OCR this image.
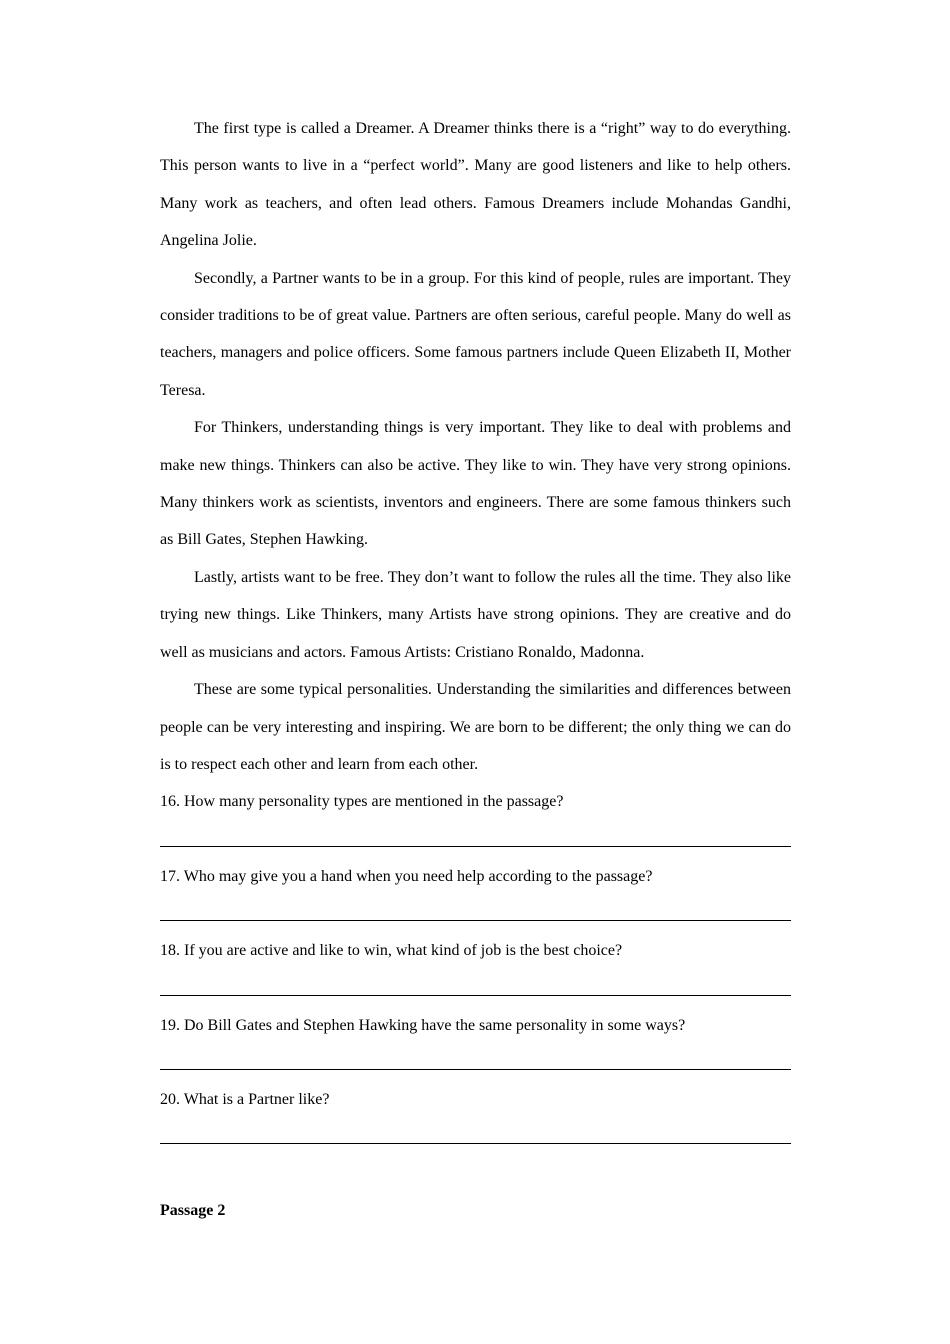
The first type is called a Dreamer. A Dreamer thinks there is a “right” way to do everything. This person wants to live in a “perfect world”. Many are good listeners and like to help others. Many work as teachers, and often lead others. Famous Dreamers include Mohandas Gandhi, Angelina Jolie.

Secondly, a Partner wants to be in a group. For this kind of people, rules are important. They consider traditions to be of great value. Partners are often serious, careful people. Many do well as teachers, managers and police officers. Some famous partners include Queen Elizabeth II, Mother Teresa.

For Thinkers, understanding things is very important. They like to deal with problems and make new things. Thinkers can also be active. They like to win. They have very strong opinions. Many thinkers work as scientists, inventors and engineers. There are some famous thinkers such as Bill Gates, Stephen Hawking.

Lastly, artists want to be free. They don’t want to follow the rules all the time. They also like trying new things. Like Thinkers, many Artists have strong opinions. They are creative and do well as musicians and actors. Famous Artists: Cristiano Ronaldo, Madonna.

These are some typical personalities. Understanding the similarities and differences between people can be very interesting and inspiring. We are born to be different; the only thing we can do is to respect each other and learn from each other.

16. How many personality types are mentioned in the passage?

17. Who may give you a hand when you need help according to the passage?

18. If you are active and like to win, what kind of job is the best choice?

19. Do Bill Gates and Stephen Hawking have the same personality in some ways?

20. What is a Partner like?

Passage 2
